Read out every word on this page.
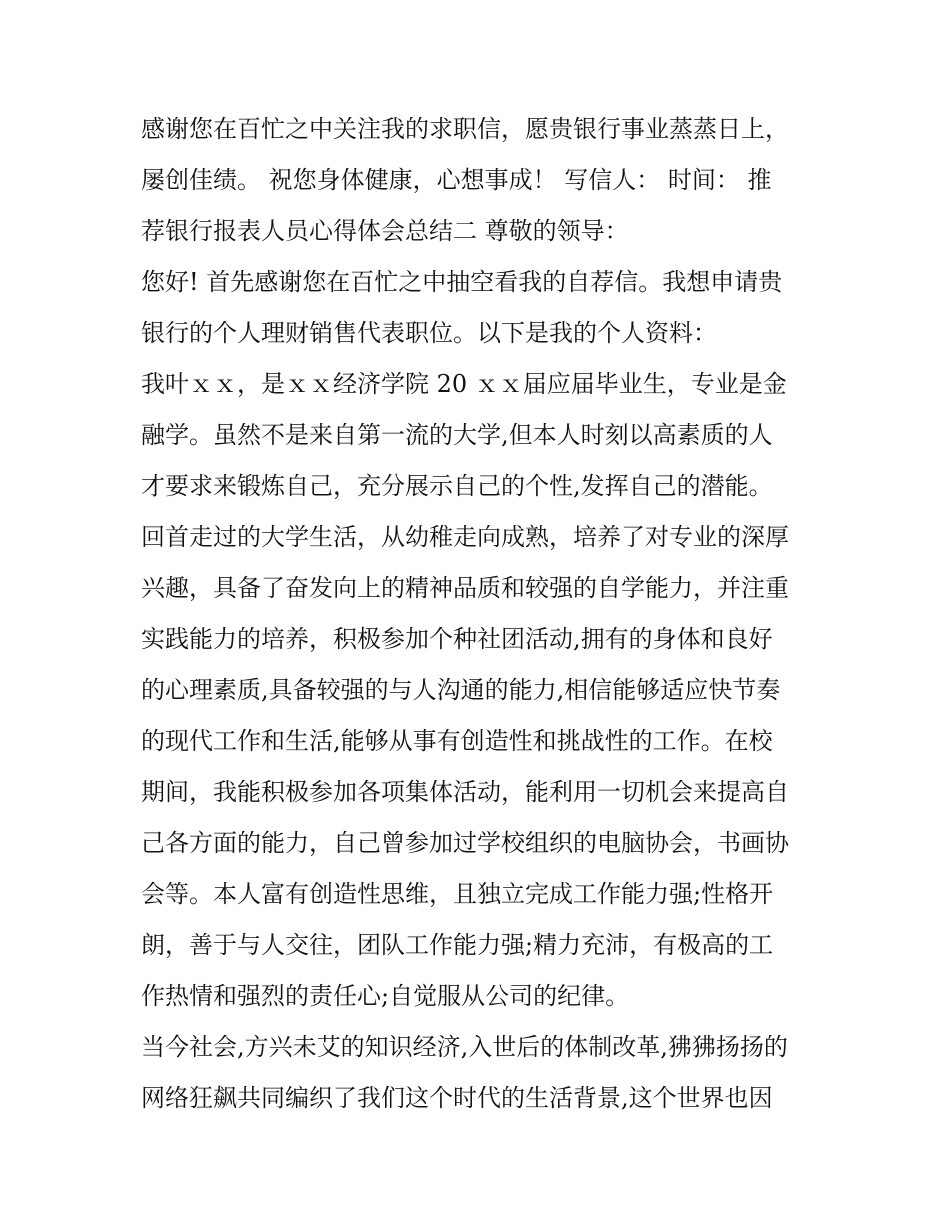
感谢您在百忙之中关注我的求职信，愿贵银行事业蒸蒸日上，
屡创佳绩。 祝您身体健康，心想事成！ 写信人： 时间： 推
荐银行报表人员心得体会总结二 尊敬的领导：
您好! 首先感谢您在百忙之中抽空看我的自荐信。我想申请贵
银行的个人理财销售代表职位。以下是我的个人资料：
我叶ｘｘ，是ｘｘ经济学院 20 ｘｘ届应届毕业生，专业是金
融学。虽然不是来自第一流的大学,但本人时刻以高素质的人
才要求来锻炼自己，充分展示自己的个性,发挥自己的潜能。
回首走过的大学生活，从幼稚走向成熟，培养了对专业的深厚
兴趣，具备了奋发向上的精神品质和较强的自学能力，并注重
实践能力的培养，积极参加个种社团活动,拥有的身体和良好
的心理素质,具备较强的与人沟通的能力,相信能够适应快节奏
的现代工作和生活,能够从事有创造性和挑战性的工作。在校
期间，我能积极参加各项集体活动，能利用一切机会来提高自
己各方面的能力，自己曾参加过学校组织的电脑协会，书画协
会等。本人富有创造性思维，且独立完成工作能力强;性格开
朗，善于与人交往，团队工作能力强;精力充沛，有极高的工
作热情和强烈的责任心;自觉服从公司的纪律。
当今社会,方兴未艾的知识经济,入世后的体制改革,狒狒扬扬的
网络狂飙共同编织了我们这个时代的生活背景,这个世界也因
